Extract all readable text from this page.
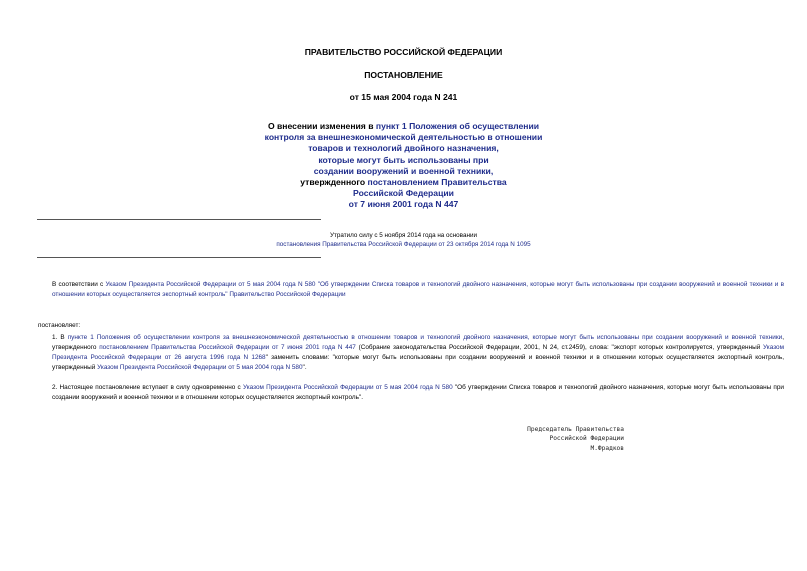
ПРАВИТЕЛЬСТВО РОССИЙСКОЙ ФЕДЕРАЦИИ
ПОСТАНОВЛЕНИЕ
от 15 мая 2004 года N 241
О внесении изменения в пункт 1 Положения об осуществлении
контроля за внешнеэкономической деятельностью в отношении
товаров и технологий двойного назначения,
которые могут быть использованы при
создании вооружений и военной техники,
утвержденного постановлением Правительства
Российской Федерации
от 7 июня 2001 года N 447
Утратило силу с 5 ноября 2014 года на основании
постановления Правительства Российской Федерации от 23 октября 2014 года N 1095
В соответствии с Указом Президента Российской Федерации от 5 мая 2004 года N 580 "Об утверждении Списка товаров и технологий двойного назначения, которые могут быть использованы при создании вооружений и военной техники и в отношении которых осуществляется экспортный контроль" Правительство Российской Федерации
постановляет:
1. В пункте 1 Положения об осуществлении контроля за внешнеэкономической деятельностью в отношении товаров и технологий двойного назначения, которые могут быть использованы при создании вооружений и военной техники, утвержденного постановлением Правительства Российской Федерации от 7 июня 2001 года N 447 (Собрание законодательства Российской Федерации, 2001, N 24, ст.2459), слова: "экспорт которых контролируется, утвержденный Указом Президента Российской Федерации от 26 августа 1996 года N 1268" заменить словами: "которые могут быть использованы при создании вооружений и военной техники и в отношении которых осуществляется экспортный контроль, утвержденный Указом Президента Российской Федерации от 5 мая 2004 года N 580".
2. Настоящее постановление вступает в силу одновременно с Указом Президента Российской Федерации от 5 мая 2004 года N 580 "Об утверждении Списка товаров и технологий двойного назначения, которые могут быть использованы при создании вооружений и военной техники и в отношении которых осуществляется экспортный контроль".
Председатель Правительства
Российской Федерации
М.Фрадков
